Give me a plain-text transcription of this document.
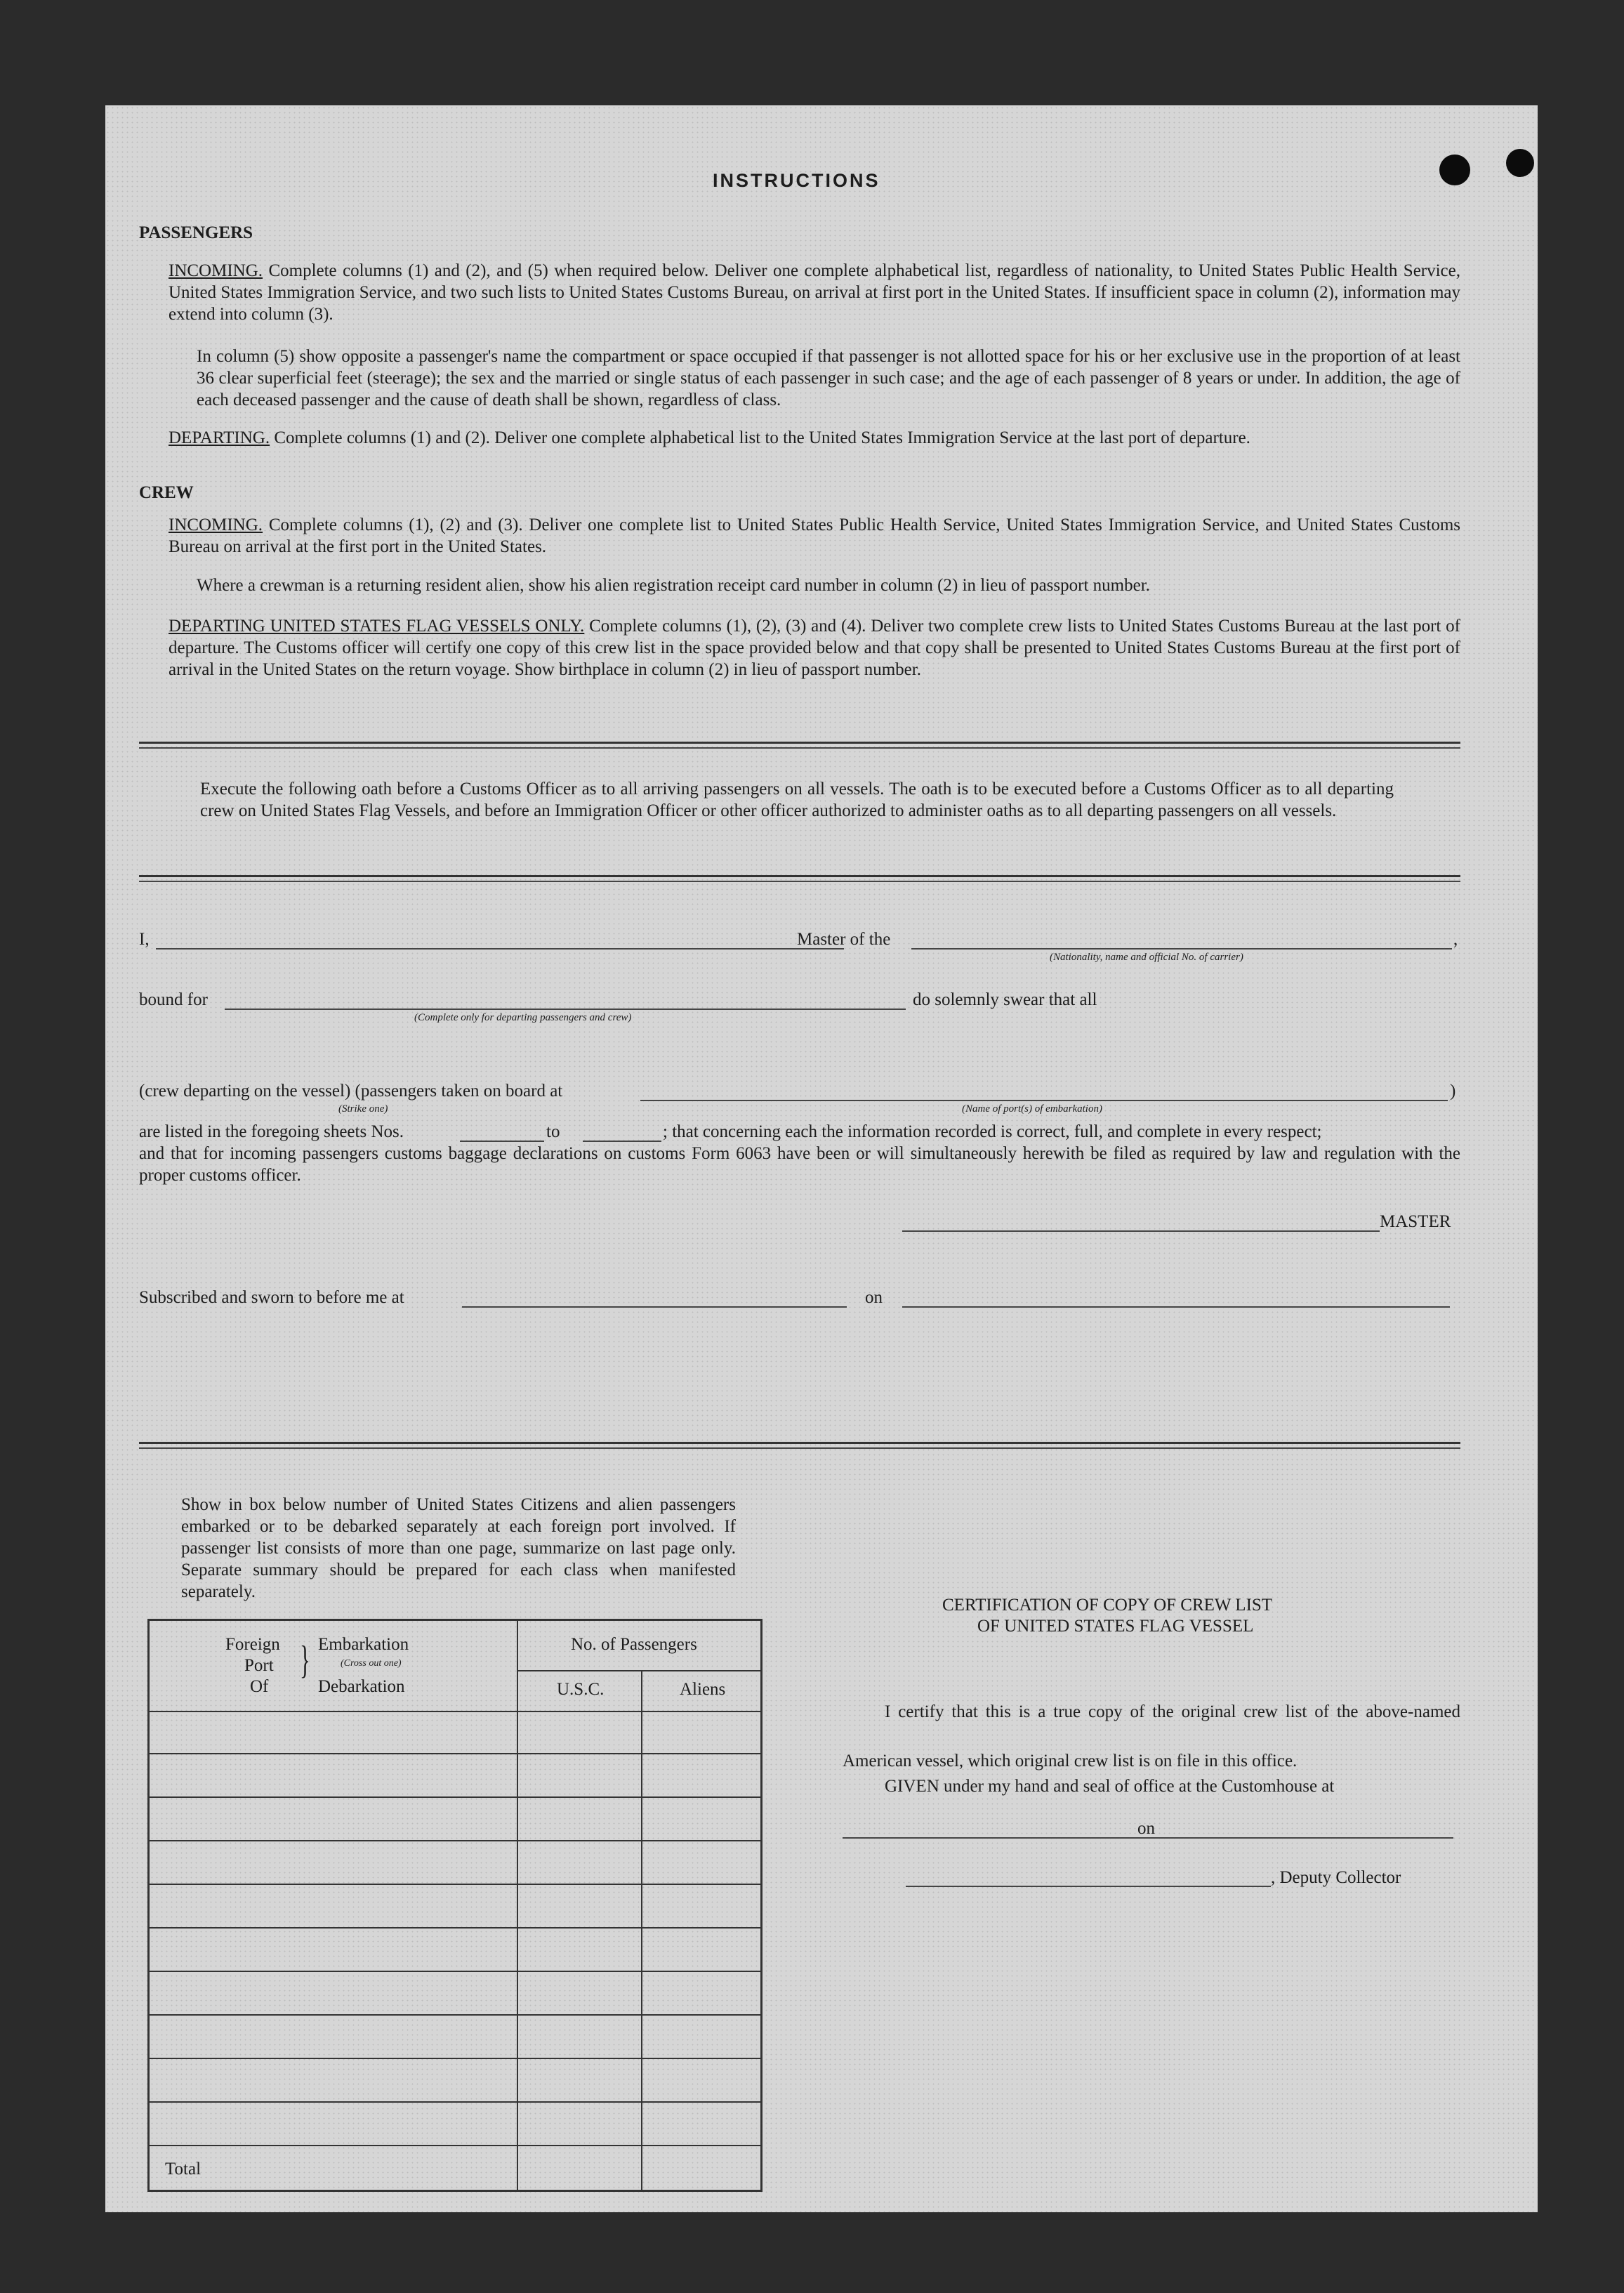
INSTRUCTIONS
PASSENGERS
INCOMING. Complete columns (1) and (2), and (5) when required below. Deliver one complete alphabetical list, regardless of nationality, to United States Public Health Service, United States Immigration Service, and two such lists to United States Customs Bureau, on arrival at first port in the United States. If insufficient space in column (2), information may extend into column (3).
In column (5) show opposite a passenger's name the compartment or space occupied if that passenger is not allotted space for his or her exclusive use in the proportion of at least 36 clear superficial feet (steerage); the sex and the married or single status of each passenger in such case; and the age of each passenger of 8 years or under. In addition, the age of each deceased passenger and the cause of death shall be shown, regardless of class.
DEPARTING. Complete columns (1) and (2). Deliver one complete alphabetical list to the United States Immigration Service at the last port of departure.
CREW
INCOMING. Complete columns (1), (2) and (3). Deliver one complete list to United States Public Health Service, United States Immigration Service, and United States Customs Bureau on arrival at the first port in the United States.
Where a crewman is a returning resident alien, show his alien registration receipt card number in column (2) in lieu of passport number.
DEPARTING UNITED STATES FLAG VESSELS ONLY. Complete columns (1), (2), (3) and (4). Deliver two complete crew lists to United States Customs Bureau at the last port of departure. The Customs officer will certify one copy of this crew list in the space provided below and that copy shall be presented to United States Customs Bureau at the first port of arrival in the United States on the return voyage. Show birthplace in column (2) in lieu of passport number.
Execute the following oath before a Customs Officer as to all arriving passengers on all vessels. The oath is to be executed before a Customs Officer as to all departing crew on United States Flag Vessels, and before an Immigration Officer or other officer authorized to administer oaths as to all departing passengers on all vessels.
I,	Master of the	,
(Nationality, name and official No. of carrier)
bound for	do solemnly swear that all
(Complete only for departing passengers and crew)
(crew departing on the vessel) (passengers taken on board at	)
(Strike one)	(Name of port(s) of embarkation)
are listed in the foregoing sheets Nos.	to	; that concerning each the information recorded is correct, full, and complete in every respect;
and that for incoming passengers customs baggage declarations on customs Form 6063 have been or will simultaneously herewith be filed as required by law and regulation with the proper customs officer.
MASTER
Subscribed and sworn to before me at	on
Show in box below number of United States Citizens and alien passengers embarked or to be debarked separately at each foreign port involved. If passenger list consists of more than one page, summarize on last page only. Separate summary should be prepared for each class when manifested separately.
Foreign
Port
Of
} Embarkation
(Cross out one)
Debarkation
No. of Passengers
U.S.C.	Aliens
Total
CERTIFICATION OF COPY OF CREW LIST
OF UNITED STATES FLAG VESSEL
I certify that this is a true copy of the original crew list of the above-named American vessel, which original crew list is on file in this office.
GIVEN under my hand and seal of office at the Customhouse at
on
, Deputy Collector
